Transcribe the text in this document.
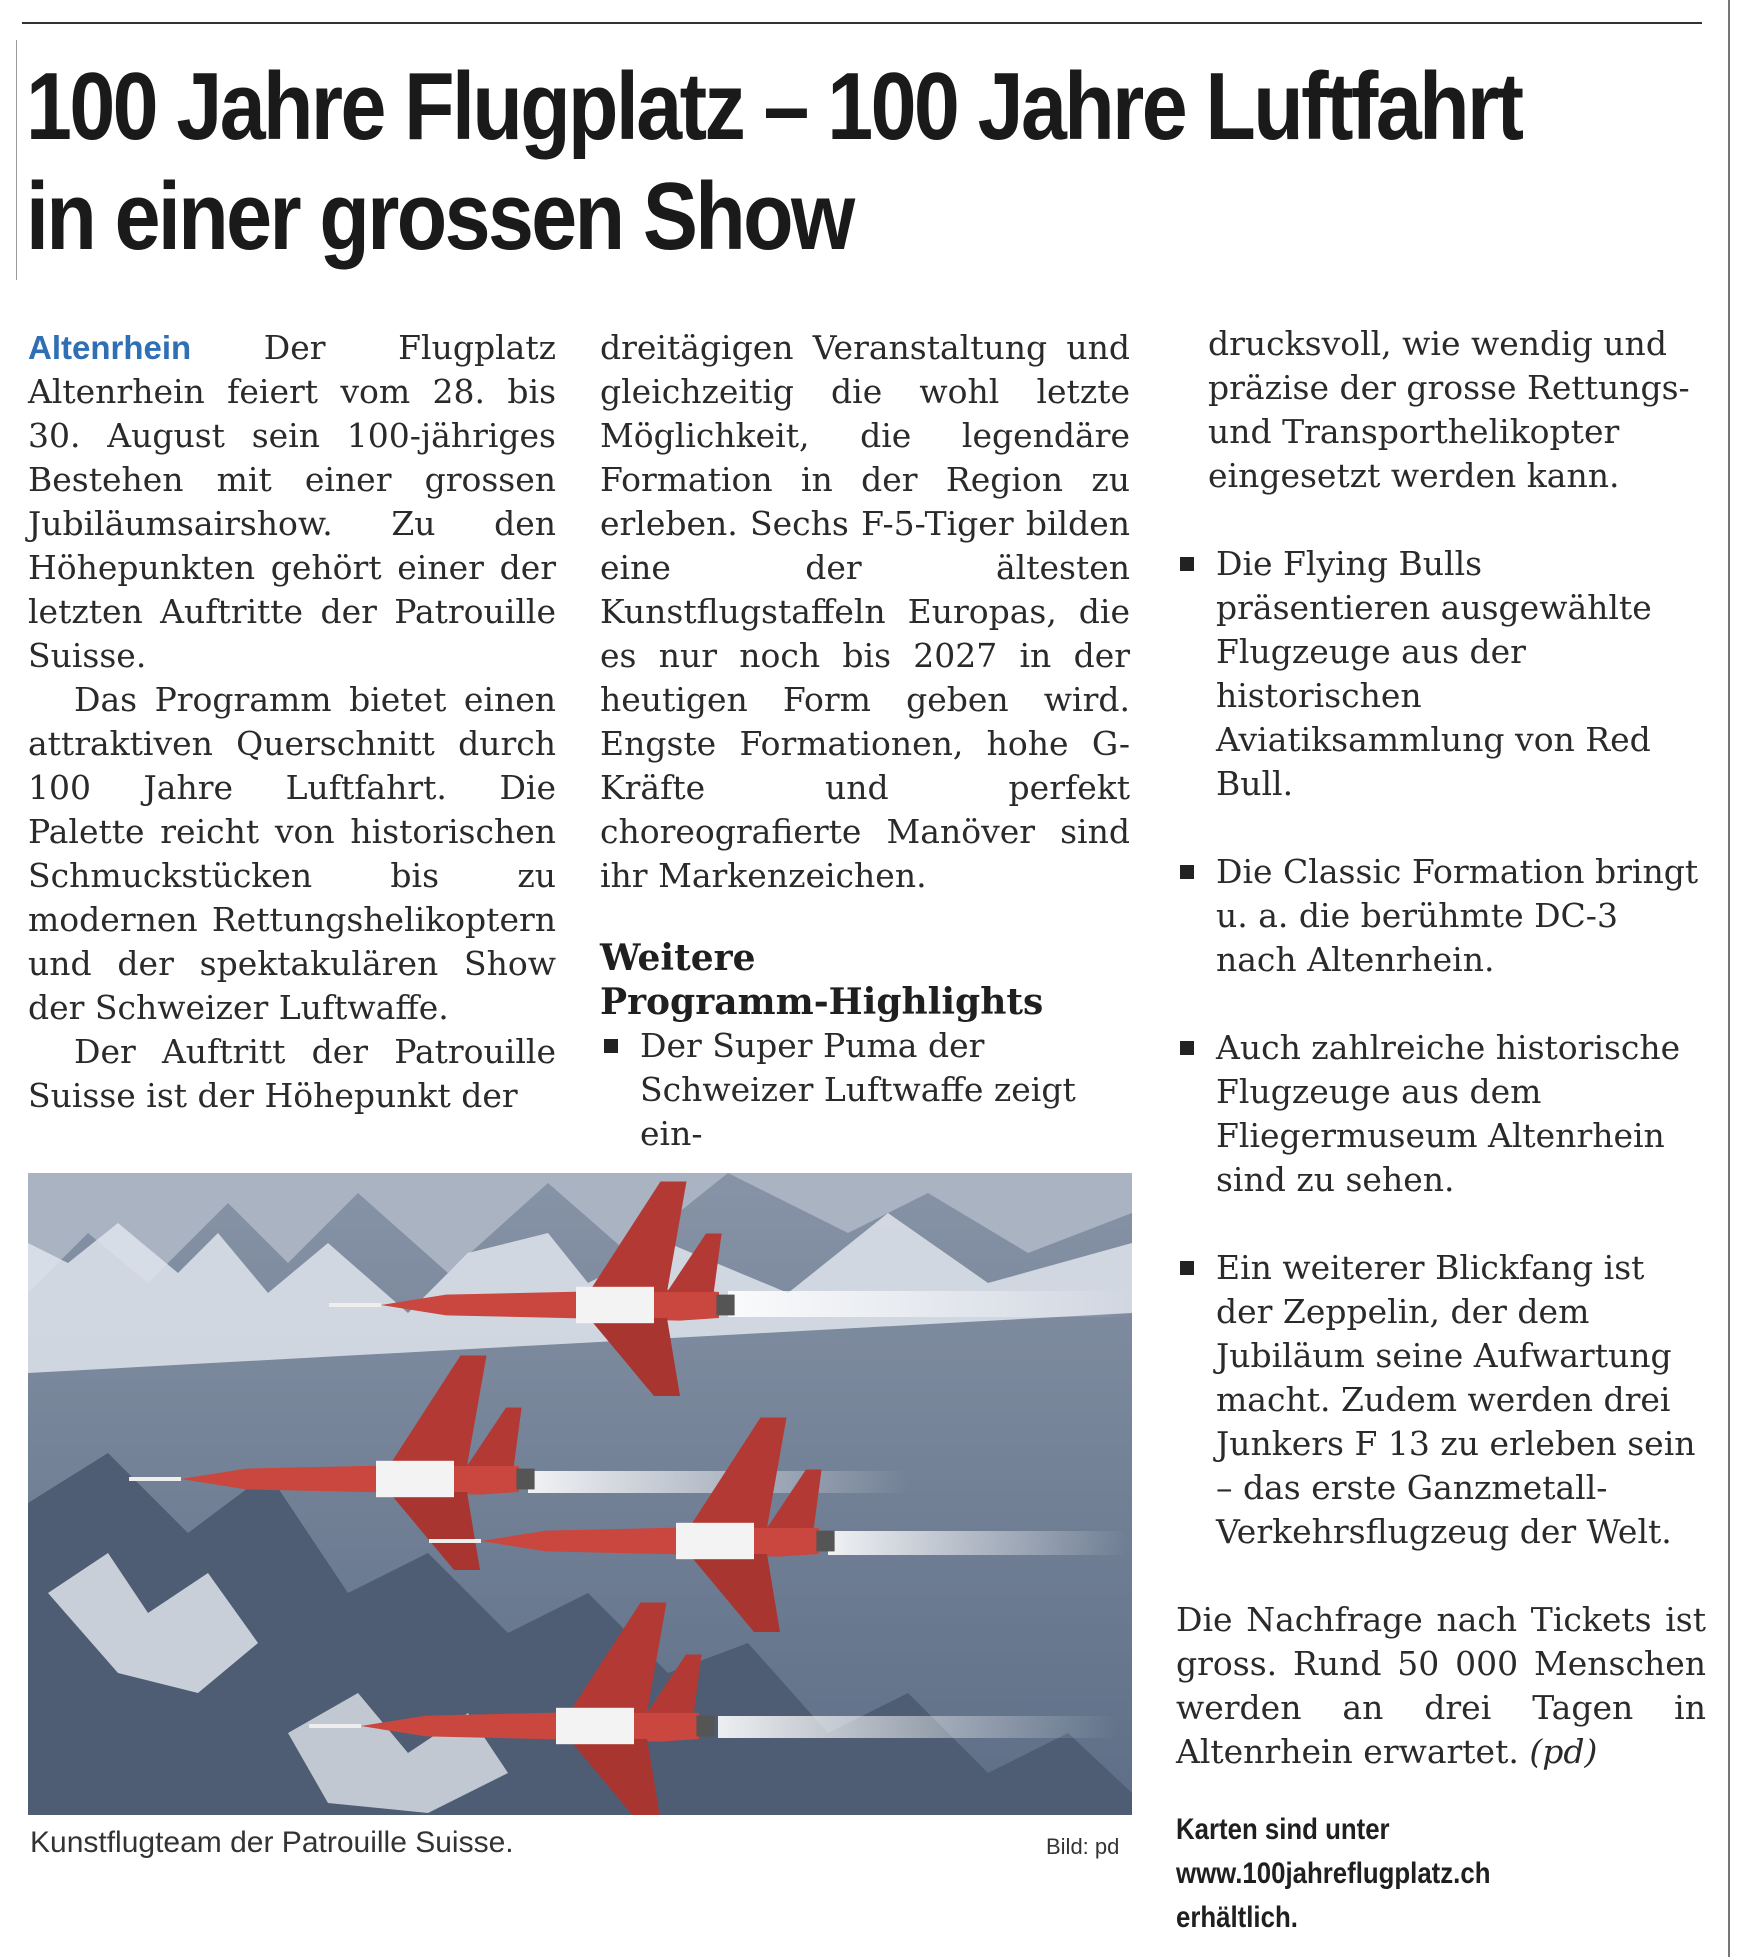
100 Jahre Flugplatz – 100 Jahre Luftfahrt
in einer grossen Show

Altenrhein Der Flugplatz Altenrhein feiert vom 28. bis 30. August sein 100-jähriges Bestehen mit einer grossen Jubiläumsairshow. Zu den Höhepunkten gehört einer der letzten Auftritte der Patrouille Suisse.

Das Programm bietet einen attraktiven Querschnitt durch 100 Jahre Luftfahrt. Die Palette reicht von historischen Schmuckstücken bis zu modernen Rettungshelikoptern und der spektakulären Show der Schweizer Luftwaffe.

Der Auftritt der Patrouille Suisse ist der Höhepunkt der

dreitägigen Veranstaltung und gleichzeitig die wohl letzte Möglichkeit, die legendäre Formation in der Region zu erleben. Sechs F-5-Tiger bilden eine der ältesten Kunstflugstaffeln Europas, die es nur noch bis 2027 in der heutigen Form geben wird. Engste Formationen, hohe G-Kräfte und perfekt choreografierte Manöver sind ihr Markenzeichen.

Weitere
Programm-Highlights
Der Super Puma der Schweizer Luftwaffe zeigt ein-
drucksvoll, wie wendig und präzise der grosse Rettungs- und Transporthelikopter eingesetzt werden kann.
Die Flying Bulls präsentieren ausgewählte Flugzeuge aus der historischen Aviatiksammlung von Red Bull.
Die Classic Formation bringt u. a. die berühmte DC-3 nach Altenrhein.
Auch zahlreiche historische Flugzeuge aus dem Fliegermuseum Altenrhein sind zu sehen.
Ein weiterer Blickfang ist der Zeppelin, der dem Jubiläum seine Aufwartung macht. Zudem werden drei Junkers F 13 zu erleben sein – das erste Ganzmetall-Verkehrsflugzeug der Welt.

Die Nachfrage nach Tickets ist gross. Rund 50 000 Menschen werden an drei Tagen in Altenrhein erwartet. (pd)

Karten sind unter
www.100jahreflugplatz.ch
erhältlich.
Kunstflugteam der Patrouille Suisse.	Bild: pd
